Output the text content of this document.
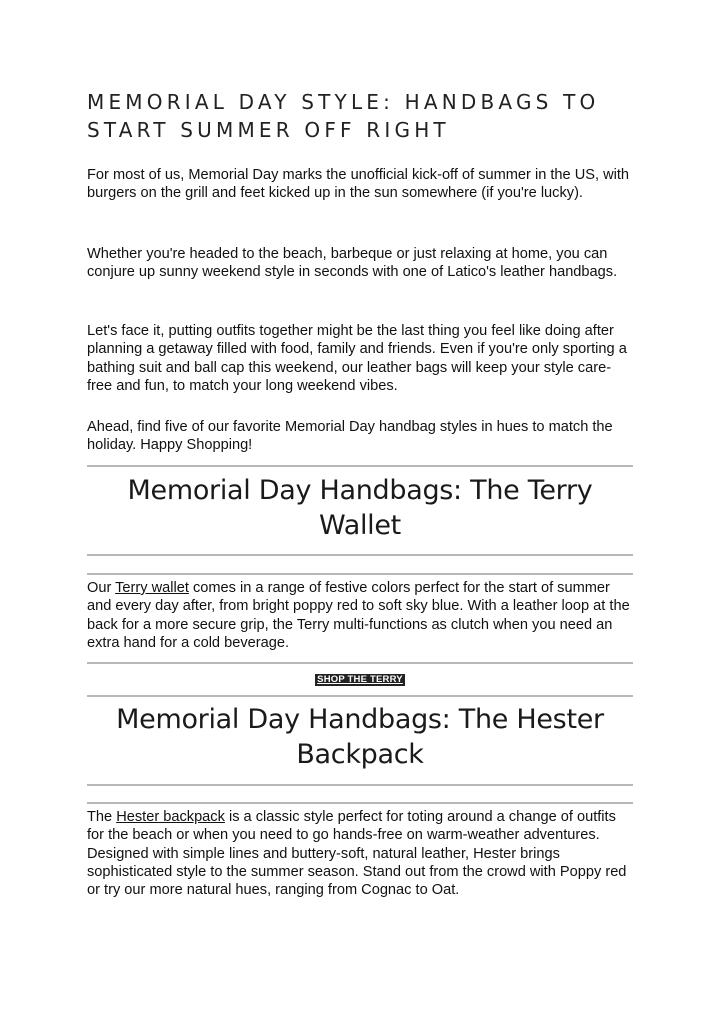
MEMORIAL DAY STYLE: HANDBAGS TO START SUMMER OFF RIGHT

For most of us, Memorial Day marks the unofficial kick-off of summer in the US, with burgers on the grill and feet kicked up in the sun somewhere (if you're lucky).

Whether you're headed to the beach, barbeque or just relaxing at home, you can conjure up sunny weekend style in seconds with one of Latico's leather handbags.

Let's face it, putting outfits together might be the last thing you feel like doing after planning a getaway filled with food, family and friends. Even if you're only sporting a bathing suit and ball cap this weekend, our leather bags will keep your style care-free and fun, to match your long weekend vibes.

Ahead, find five of our favorite Memorial Day handbag styles in hues to match the holiday. Happy Shopping!

Memorial Day Handbags: The Terry Wallet

Our Terry wallet comes in a range of festive colors perfect for the start of summer and every day after, from bright poppy red to soft sky blue. With a leather loop at the back for a more secure grip, the Terry multi-functions as clutch when you need an extra hand for a cold beverage.

SHOP THE TERRY
Memorial Day Handbags: The Hester Backpack

The Hester backpack is a classic style perfect for toting around a change of outfits for the beach or when you need to go hands-free on warm-weather adventures. Designed with simple lines and buttery-soft, natural leather, Hester brings sophisticated style to the summer season. Stand out from the crowd with Poppy red or try our more natural hues, ranging from Cognac to Oat.
